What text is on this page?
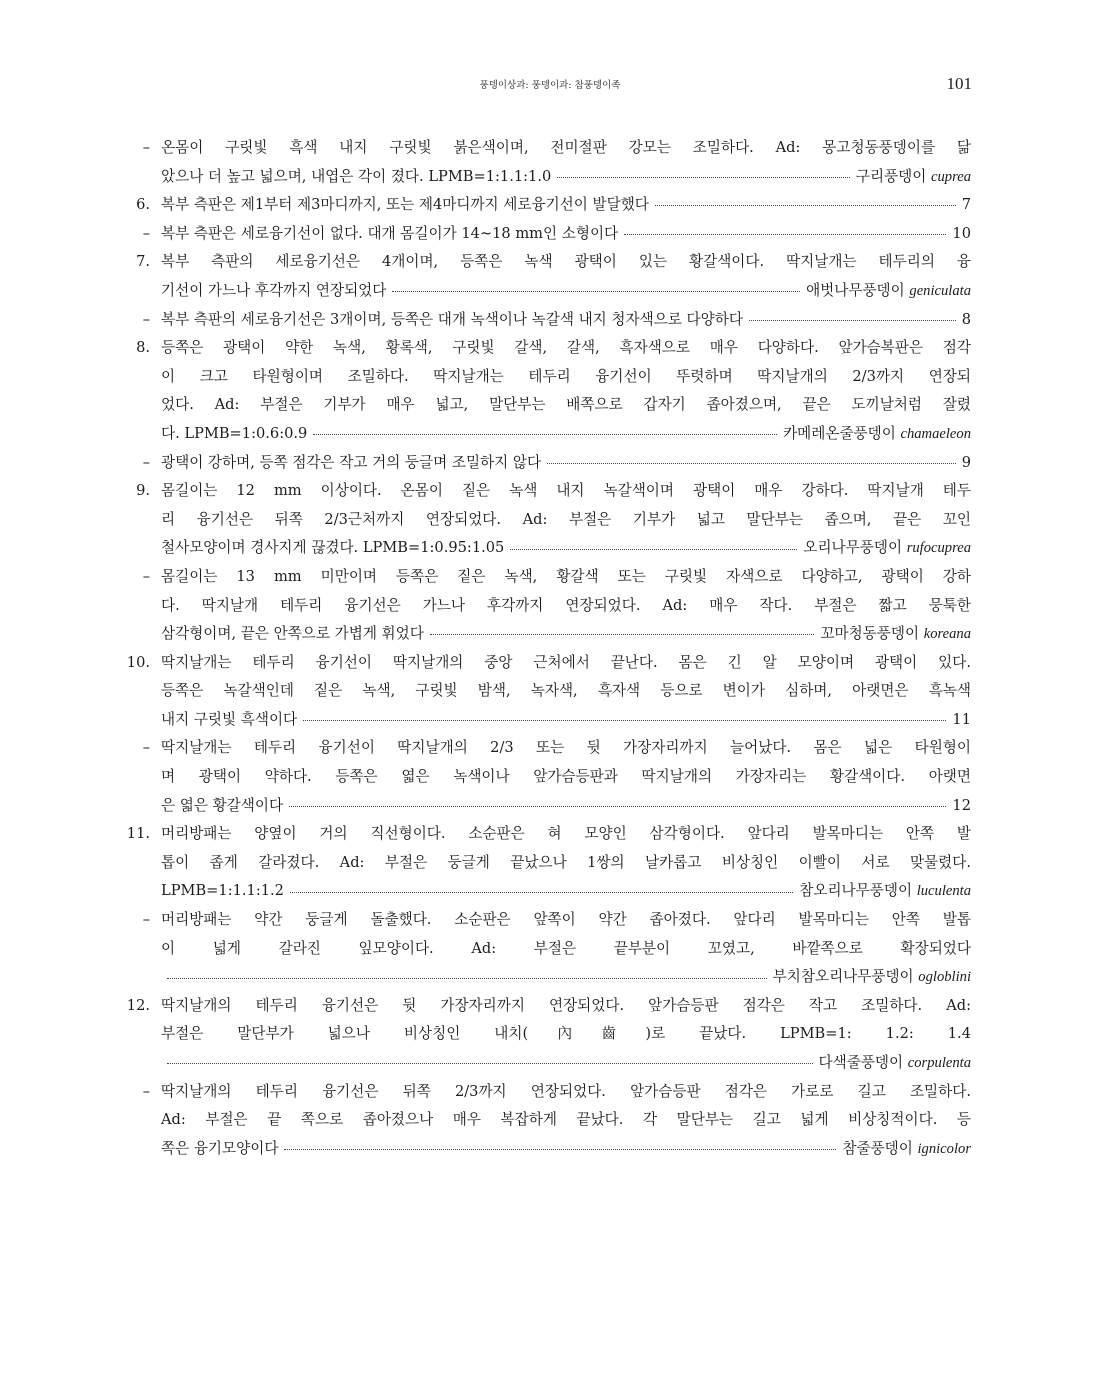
풍뎅이상과: 풍뎅이과: 참풍뎅이족	101
– 온몸이 구릿빛 흑색 내지 구릿빛 붉은색이며, 전미절판 강모는 조밀하다. Ad: 몽고청동풍뎅이를 닮
았으나 더 높고 넓으며, 내엽은 각이 졌다. LPMB=1:1.1:1.0	구리풍뎅이 cuprea
6. 복부 측판은 제1부터 제3마디까지, 또는 제4마디까지 세로융기선이 발달했다	7
– 복부 측판은 세로융기선이 없다. 대개 몸길이가 14~18 mm인 소형이다	10
7. 복부 측판의 세로융기선은 4개이며, 등쪽은 녹색 광택이 있는 황갈색이다. 딱지날개는 테두리의 융
기선이 가느나 후각까지 연장되었다	애벗나무풍뎅이 geniculata
– 복부 측판의 세로융기선은 3개이며, 등쪽은 대개 녹색이나 녹갈색 내지 청자색으로 다양하다	8
8. 등쪽은 광택이 약한 녹색, 황록색, 구릿빛 갈색, 갈색, 흑자색으로 매우 다양하다. 앞가슴복판은 점각
이 크고 타원형이며 조밀하다. 딱지날개는 테두리 융기선이 뚜렷하며 딱지날개의 2/3까지 연장되
었다. Ad: 부절은 기부가 매우 넓고, 말단부는 배쪽으로 갑자기 좁아졌으며, 끝은 도끼날처럼 잘렸
다. LPMB=1:0.6:0.9	카메레온줄풍뎅이 chamaeleon
– 광택이 강하며, 등쪽 점각은 작고 거의 둥글며 조밀하지 않다	9
9. 몸길이는 12 mm 이상이다. 온몸이 짙은 녹색 내지 녹갈색이며 광택이 매우 강하다. 딱지날개 테두
리 융기선은 뒤쪽 2/3근처까지 연장되었다. Ad: 부절은 기부가 넓고 말단부는 좁으며, 끝은 꼬인
철사모양이며 경사지게 끊겼다. LPMB=1:0.95:1.05	오리나무풍뎅이 rufocuprea
– 몸길이는 13 mm 미만이며 등쪽은 짙은 녹색, 황갈색 또는 구릿빛 자색으로 다양하고, 광택이 강하
다. 딱지날개 테두리 융기선은 가느나 후각까지 연장되었다. Ad: 매우 작다. 부절은 짧고 뭉툭한
삼각형이며, 끝은 안쪽으로 가볍게 휘었다	꼬마청동풍뎅이 koreana
10. 딱지날개는 테두리 융기선이 딱지날개의 중앙 근처에서 끝난다. 몸은 긴 알 모양이며 광택이 있다.
등쪽은 녹갈색인데 짙은 녹색, 구릿빛 밤색, 녹자색, 흑자색 등으로 변이가 심하며, 아랫면은 흑녹색
내지 구릿빛 흑색이다	11
– 딱지날개는 테두리 융기선이 딱지날개의 2/3 또는 뒷 가장자리까지 늘어났다. 몸은 넓은 타원형이
며 광택이 약하다. 등쪽은 엷은 녹색이나 앞가슴등판과 딱지날개의 가장자리는 황갈색이다. 아랫면
은 엷은 황갈색이다	12
11. 머리방패는 양옆이 거의 직선형이다. 소순판은 혀 모양인 삼각형이다. 앞다리 발목마디는 안쪽 발
톱이 좁게 갈라졌다. Ad: 부절은 둥글게 끝났으나 1쌍의 날카롭고 비상칭인 이빨이 서로 맞물렸다.
LPMB=1:1.1:1.2	참오리나무풍뎅이 luculenta
– 머리방패는 약간 둥글게 돌출했다. 소순판은 앞쪽이 약간 좁아졌다. 앞다리 발목마디는 안쪽 발톱
이 넓게 갈라진 잎모양이다. Ad: 부절은 끝부분이 꼬였고, 바깥쪽으로 확장되었다
부치참오리나무풍뎅이 ogloblini
12. 딱지날개의 테두리 융기선은 뒷 가장자리까지 연장되었다. 앞가슴등판 점각은 작고 조밀하다. Ad:
부절은 말단부가 넓으나 비상칭인 내치(內齒)로 끝났다. LPMB=1: 1.2: 1.4
다색줄풍뎅이 corpulenta
– 딱지날개의 테두리 융기선은 뒤쪽 2/3까지 연장되었다. 앞가슴등판 점각은 가로로 길고 조밀하다.
Ad: 부절은 끝 쪽으로 좁아졌으나 매우 복잡하게 끝났다. 각 말단부는 길고 넓게 비상칭적이다. 등
쪽은 융기모양이다	참줄풍뎅이 ignicolor
